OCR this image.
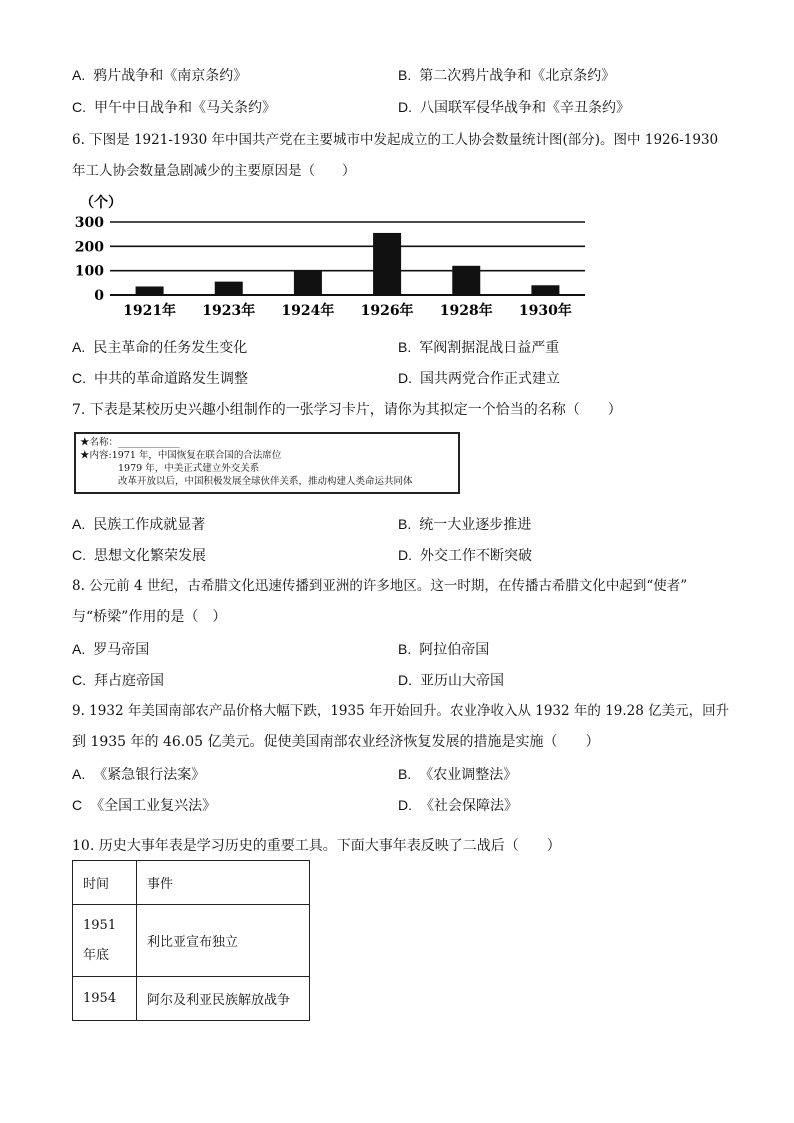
A. 鸦片战争和《南京条约》	B. 第二次鸦片战争和《北京条约》
C. 甲午中日战争和《马关条约》	D. 八国联军侵华战争和《辛丑条约》
6. 下图是 1921-1930 年中国共产党在主要城市中发起成立的工人协会数量统计图(部分)。图中 1926-1930
年工人协会数量急剧减少的主要原因是（　　）
（个）
1921年 1923年 1924年 1926年 1928年 1930年
0
100
200
300
A. 民主革命的任务发生变化	B. 军阀割据混战日益严重
C. 中共的革命道路发生调整	D. 国共两党合作正式建立
7. 下表是某校历史兴趣小组制作的一张学习卡片，请你为其拟定一个恰当的名称（　　）
★名称：_____________
★内容:1971 年，中国恢复在联合国的合法席位
1979 年，中美正式建立外交关系
改革开放以后，中国积极发展全球伙伴关系，推动构建人类命运共同体
A. 民族工作成就显著	B. 统一大业逐步推进
C. 思想文化繁荣发展	D. 外交工作不断突破
8. 公元前 4 世纪，古希腊文化迅速传播到亚洲的许多地区。这一时期，在传播古希腊文化中起到“使者”
与“桥梁”作用的是（　）
A. 罗马帝国	B. 阿拉伯帝国
C. 拜占庭帝国	D. 亚历山大帝国
9. 1932 年美国南部农产品价格大幅下跌，1935 年开始回升。农业净收入从 1932 年的 19.28 亿美元，回升
到 1935 年的 46.05 亿美元。促使美国南部农业经济恢复发展的措施是实施（　　）
A. 《紧急银行法案》	B. 《农业调整法》
C 《全国工业复兴法》	D. 《社会保障法》
10. 历史大事年表是学习历史的重要工具。下面大事年表反映了二战后（　　）
时间	事件
1951 年底	利比亚宣布独立
1954	阿尔及利亚民族解放战争
